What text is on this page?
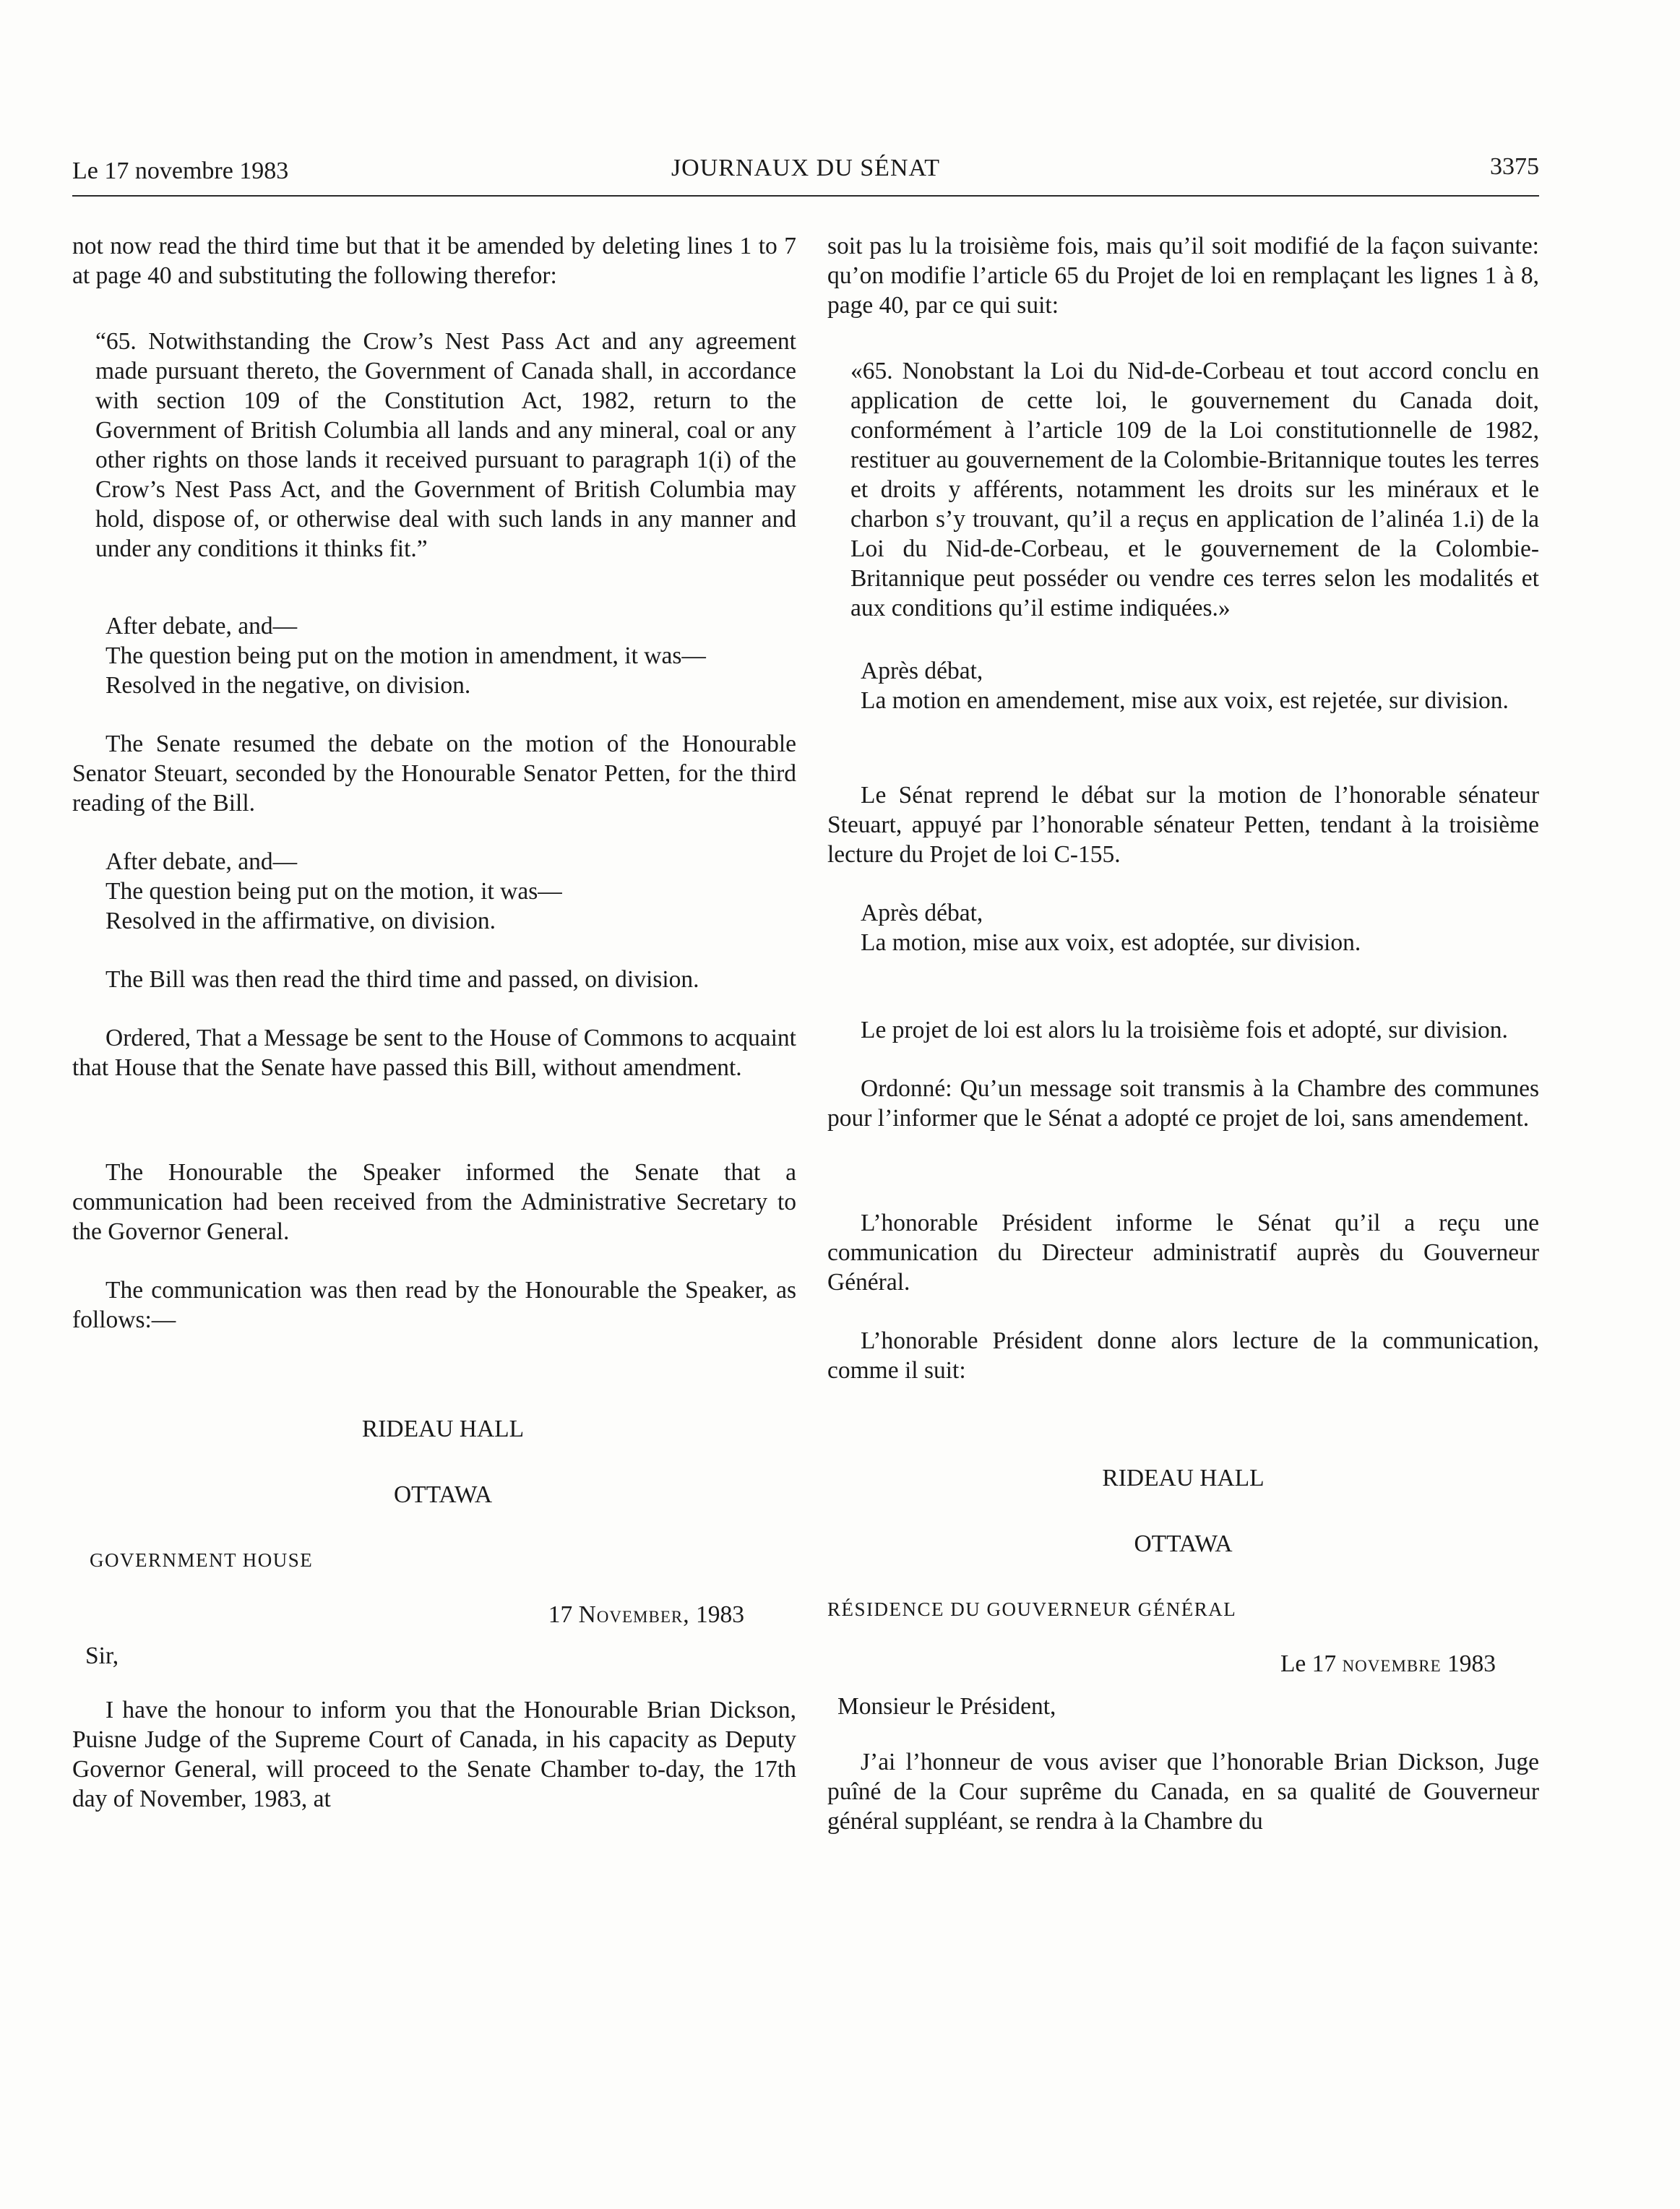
Le 17 novembre 1983	JOURNAUX DU SÉNAT	3375

not now read the third time but that it be amended by deleting lines 1 to 7 at page 40 and substituting the following therefor:

“65. Notwithstanding the Crow’s Nest Pass Act and any agreement made pursuant thereto, the Government of Canada shall, in accordance with section 109 of the Constitution Act, 1982, return to the Government of British Columbia all lands and any mineral, coal or any other rights on those lands it received pursuant to paragraph 1(i) of the Crow’s Nest Pass Act, and the Government of British Columbia may hold, dispose of, or otherwise deal with such lands in any manner and under any conditions it thinks fit.”

After debate, and—

The question being put on the motion in amendment, it was—

Resolved in the negative, on division.

The Senate resumed the debate on the motion of the Honourable Senator Steuart, seconded by the Honourable Senator Petten, for the third reading of the Bill.

After debate, and—

The question being put on the motion, it was—

Resolved in the affirmative, on division.

The Bill was then read the third time and passed, on division.

Ordered, That a Message be sent to the House of Commons to acquaint that House that the Senate have passed this Bill, without amendment.

The Honourable the Speaker informed the Senate that a communication had been received from the Administrative Secretary to the Governor General.

The communication was then read by the Honourable the Speaker, as follows:—

RIDEAU HALL

OTTAWA

GOVERNMENT HOUSE

17 November, 1983

Sir,

I have the honour to inform you that the Honourable Brian Dickson, Puisne Judge of the Supreme Court of Canada, in his capacity as Deputy Governor General, will proceed to the Senate Chamber to-day, the 17th day of November, 1983, at

soit pas lu la troisième fois, mais qu’il soit modifié de la façon suivante: qu’on modifie l’article 65 du Projet de loi en remplaçant les lignes 1 à 8, page 40, par ce qui suit:

«65. Nonobstant la Loi du Nid-de-Corbeau et tout accord conclu en application de cette loi, le gouvernement du Canada doit, conformément à l’article 109 de la Loi constitutionnelle de 1982, restituer au gouvernement de la Colombie-Britannique toutes les terres et droits y afférents, notamment les droits sur les minéraux et le charbon s’y trouvant, qu’il a reçus en application de l’alinéa 1.i) de la Loi du Nid-de-Corbeau, et le gouvernement de la Colombie-Britannique peut posséder ou vendre ces terres selon les modalités et aux conditions qu’il estime indiquées.»

Après débat,

La motion en amendement, mise aux voix, est rejetée, sur division.

Le Sénat reprend le débat sur la motion de l’honorable sénateur Steuart, appuyé par l’honorable sénateur Petten, tendant à la troisième lecture du Projet de loi C-155.

Après débat,

La motion, mise aux voix, est adoptée, sur division.

Le projet de loi est alors lu la troisième fois et adopté, sur division.

Ordonné: Qu’un message soit transmis à la Chambre des communes pour l’informer que le Sénat a adopté ce projet de loi, sans amendement.

L’honorable Président informe le Sénat qu’il a reçu une communication du Directeur administratif auprès du Gouverneur Général.

L’honorable Président donne alors lecture de la communication, comme il suit:

RIDEAU HALL

OTTAWA

RÉSIDENCE DU GOUVERNEUR GÉNÉRAL

Le 17 novembre 1983

Monsieur le Président,

J’ai l’honneur de vous aviser que l’honorable Brian Dickson, Juge puîné de la Cour suprême du Canada, en sa qualité de Gouverneur général suppléant, se rendra à la Chambre du
